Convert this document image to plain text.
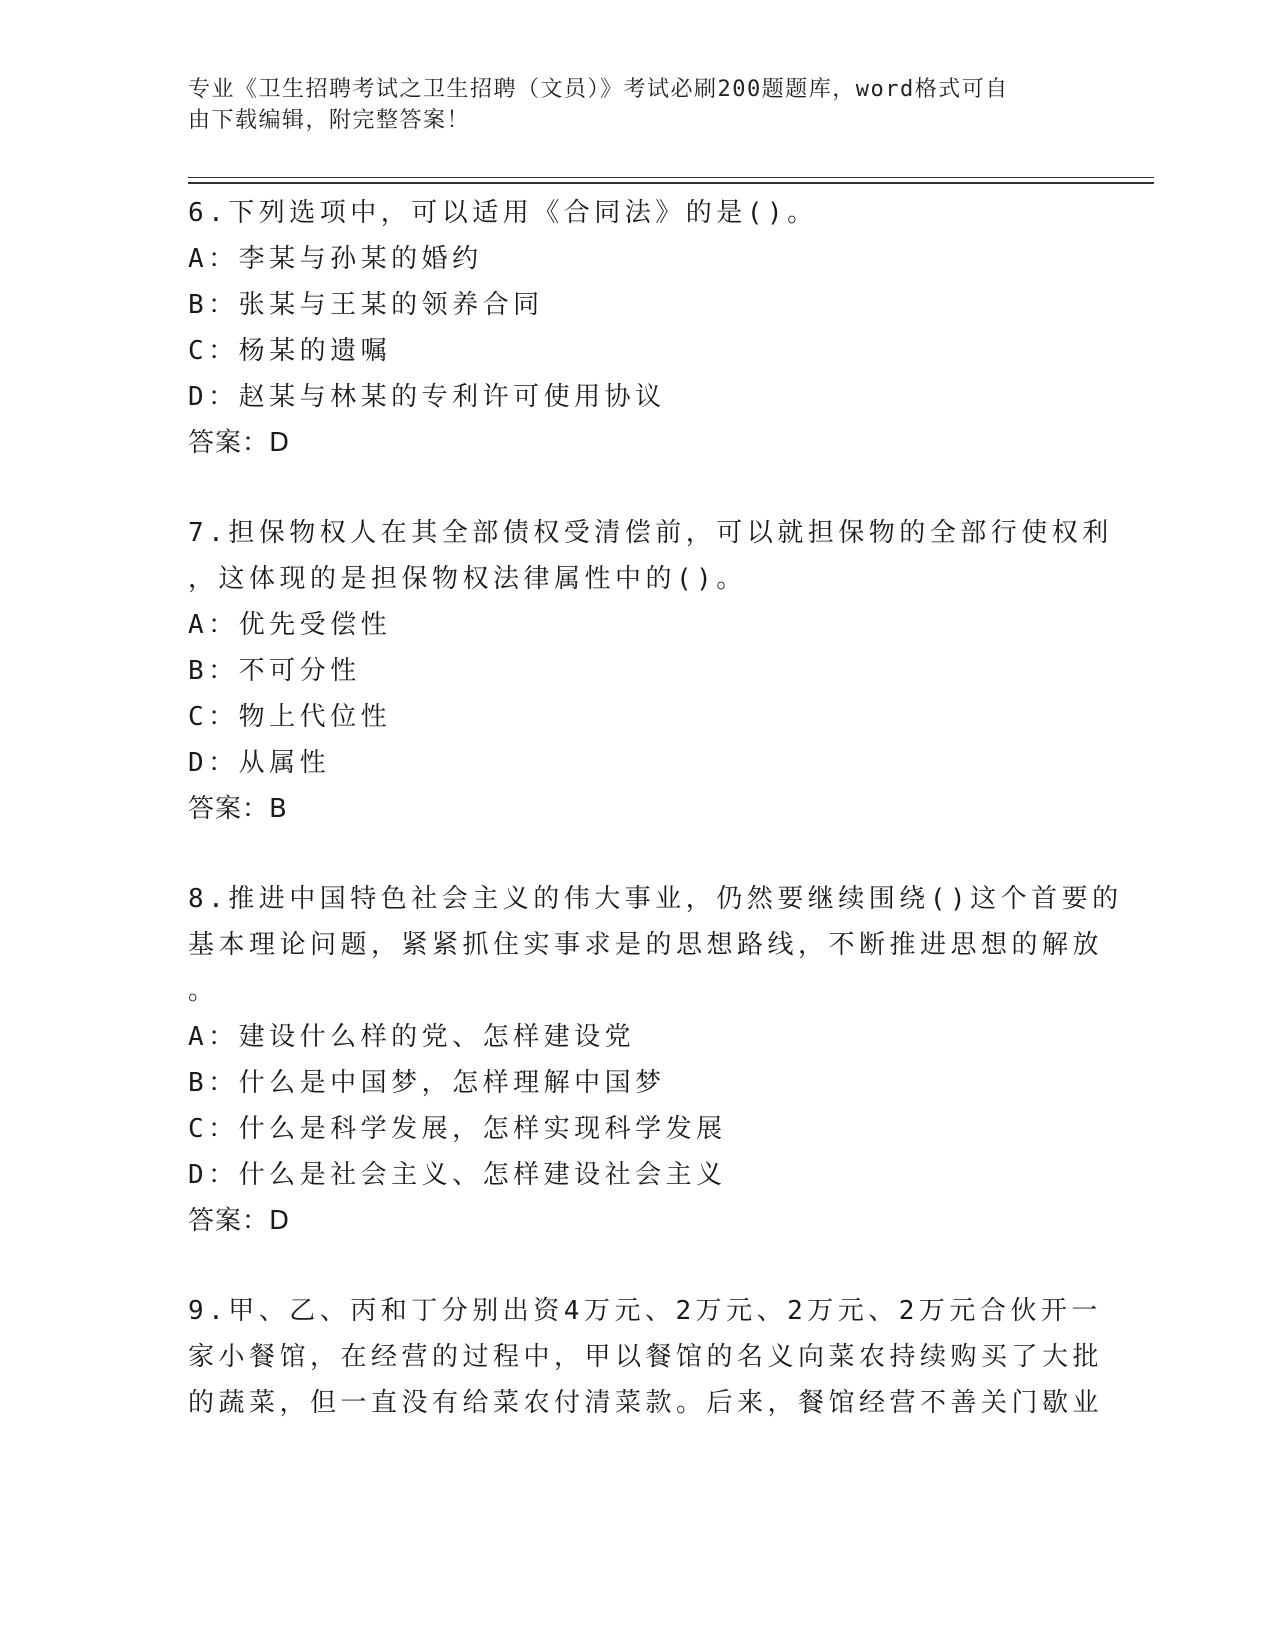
专业《卫生招聘考试之卫生招聘（文员）》考试必刷200题题库，word格式可自
由下载编辑，附完整答案！
6.下列选项中，可以适用《合同法》的是()。
A：李某与孙某的婚约
B：张某与王某的领养合同
C：杨某的遗嘱
D：赵某与林某的专利许可使用协议
答案：D
7.担保物权人在其全部债权受清偿前，可以就担保物的全部行使权利
，这体现的是担保物权法律属性中的()。
A：优先受偿性
B：不可分性
C：物上代位性
D：从属性
答案：B
8.推进中国特色社会主义的伟大事业，仍然要继续围绕()这个首要的
基本理论问题，紧紧抓住实事求是的思想路线，不断推进思想的解放
。
A：建设什么样的党、怎样建设党
B：什么是中国梦，怎样理解中国梦
C：什么是科学发展，怎样实现科学发展
D：什么是社会主义、怎样建设社会主义
答案：D
9.甲、乙、丙和丁分别出资4万元、2万元、2万元、2万元合伙开一
家小餐馆，在经营的过程中，甲以餐馆的名义向菜农持续购买了大批
的蔬菜，但一直没有给菜农付清菜款。后来，餐馆经营不善关门歇业
